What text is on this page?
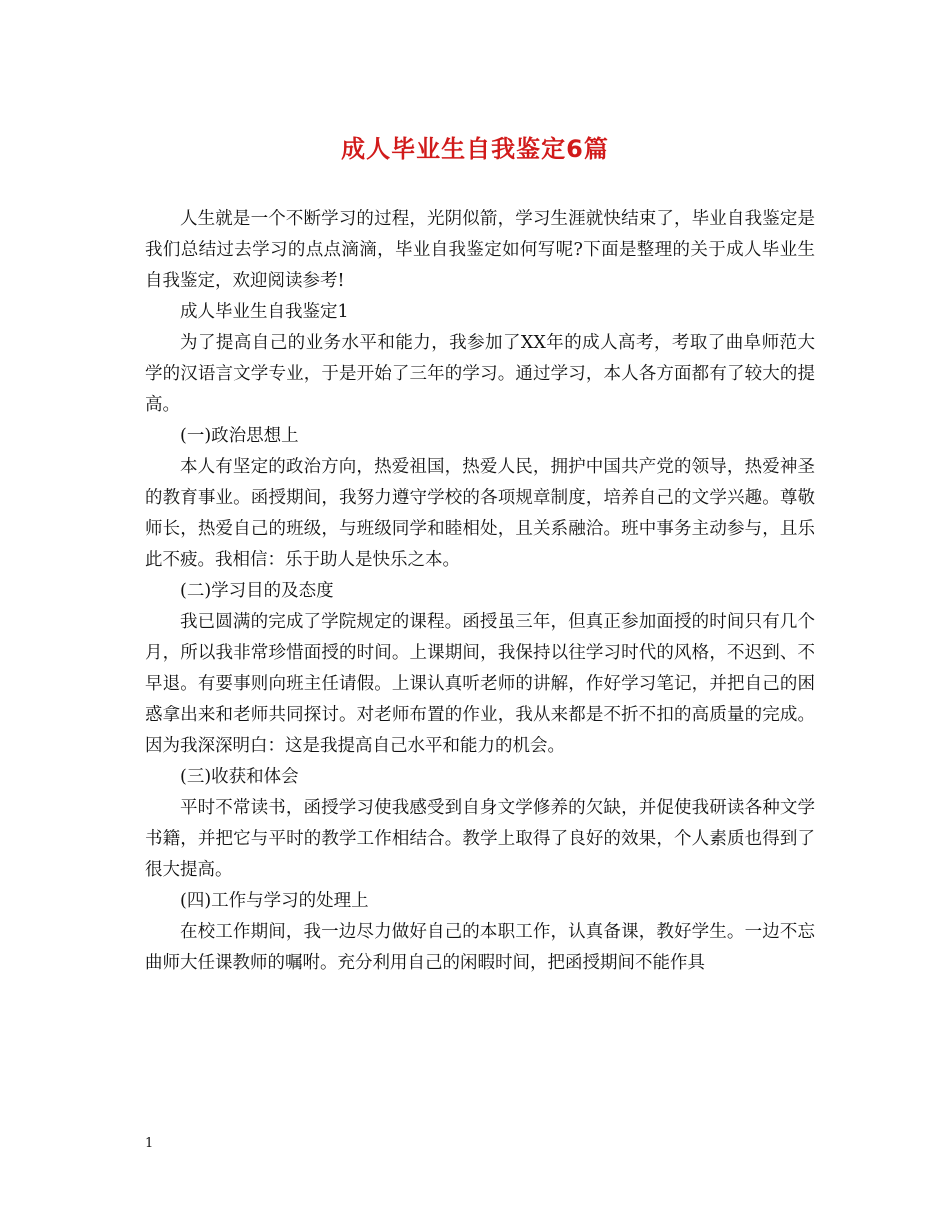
成人毕业生自我鉴定6篇

人生就是一个不断学习的过程，光阴似箭，学习生涯就快结束了，毕业自我鉴定是我们总结过去学习的点点滴滴，毕业自我鉴定如何写呢?下面是整理的关于成人毕业生自我鉴定，欢迎阅读参考!

成人毕业生自我鉴定1

为了提高自己的业务水平和能力，我参加了XX年的成人高考，考取了曲阜师范大学的汉语言文学专业，于是开始了三年的学习。通过学习，本人各方面都有了较大的提高。

(一)政治思想上

本人有坚定的政治方向，热爱祖国，热爱人民，拥护中国共产党的领导，热爱神圣的教育事业。函授期间，我努力遵守学校的各项规章制度，培养自己的文学兴趣。尊敬师长，热爱自己的班级，与班级同学和睦相处，且关系融洽。班中事务主动参与，且乐此不疲。我相信：乐于助人是快乐之本。

(二)学习目的及态度

我已圆满的完成了学院规定的课程。函授虽三年，但真正参加面授的时间只有几个月，所以我非常珍惜面授的时间。上课期间，我保持以往学习时代的风格，不迟到、不早退。有要事则向班主任请假。上课认真听老师的讲解，作好学习笔记，并把自己的困惑拿出来和老师共同探讨。对老师布置的作业，我从来都是不折不扣的高质量的完成。因为我深深明白：这是我提高自己水平和能力的机会。

(三)收获和体会

平时不常读书，函授学习使我感受到自身文学修养的欠缺，并促使我研读各种文学书籍，并把它与平时的教学工作相结合。教学上取得了良好的效果，个人素质也得到了很大提高。

(四)工作与学习的处理上

在校工作期间，我一边尽力做好自己的本职工作，认真备课，教好学生。一边不忘曲师大任课教师的嘱咐。充分利用自己的闲暇时间，把函授期间不能作具

1
